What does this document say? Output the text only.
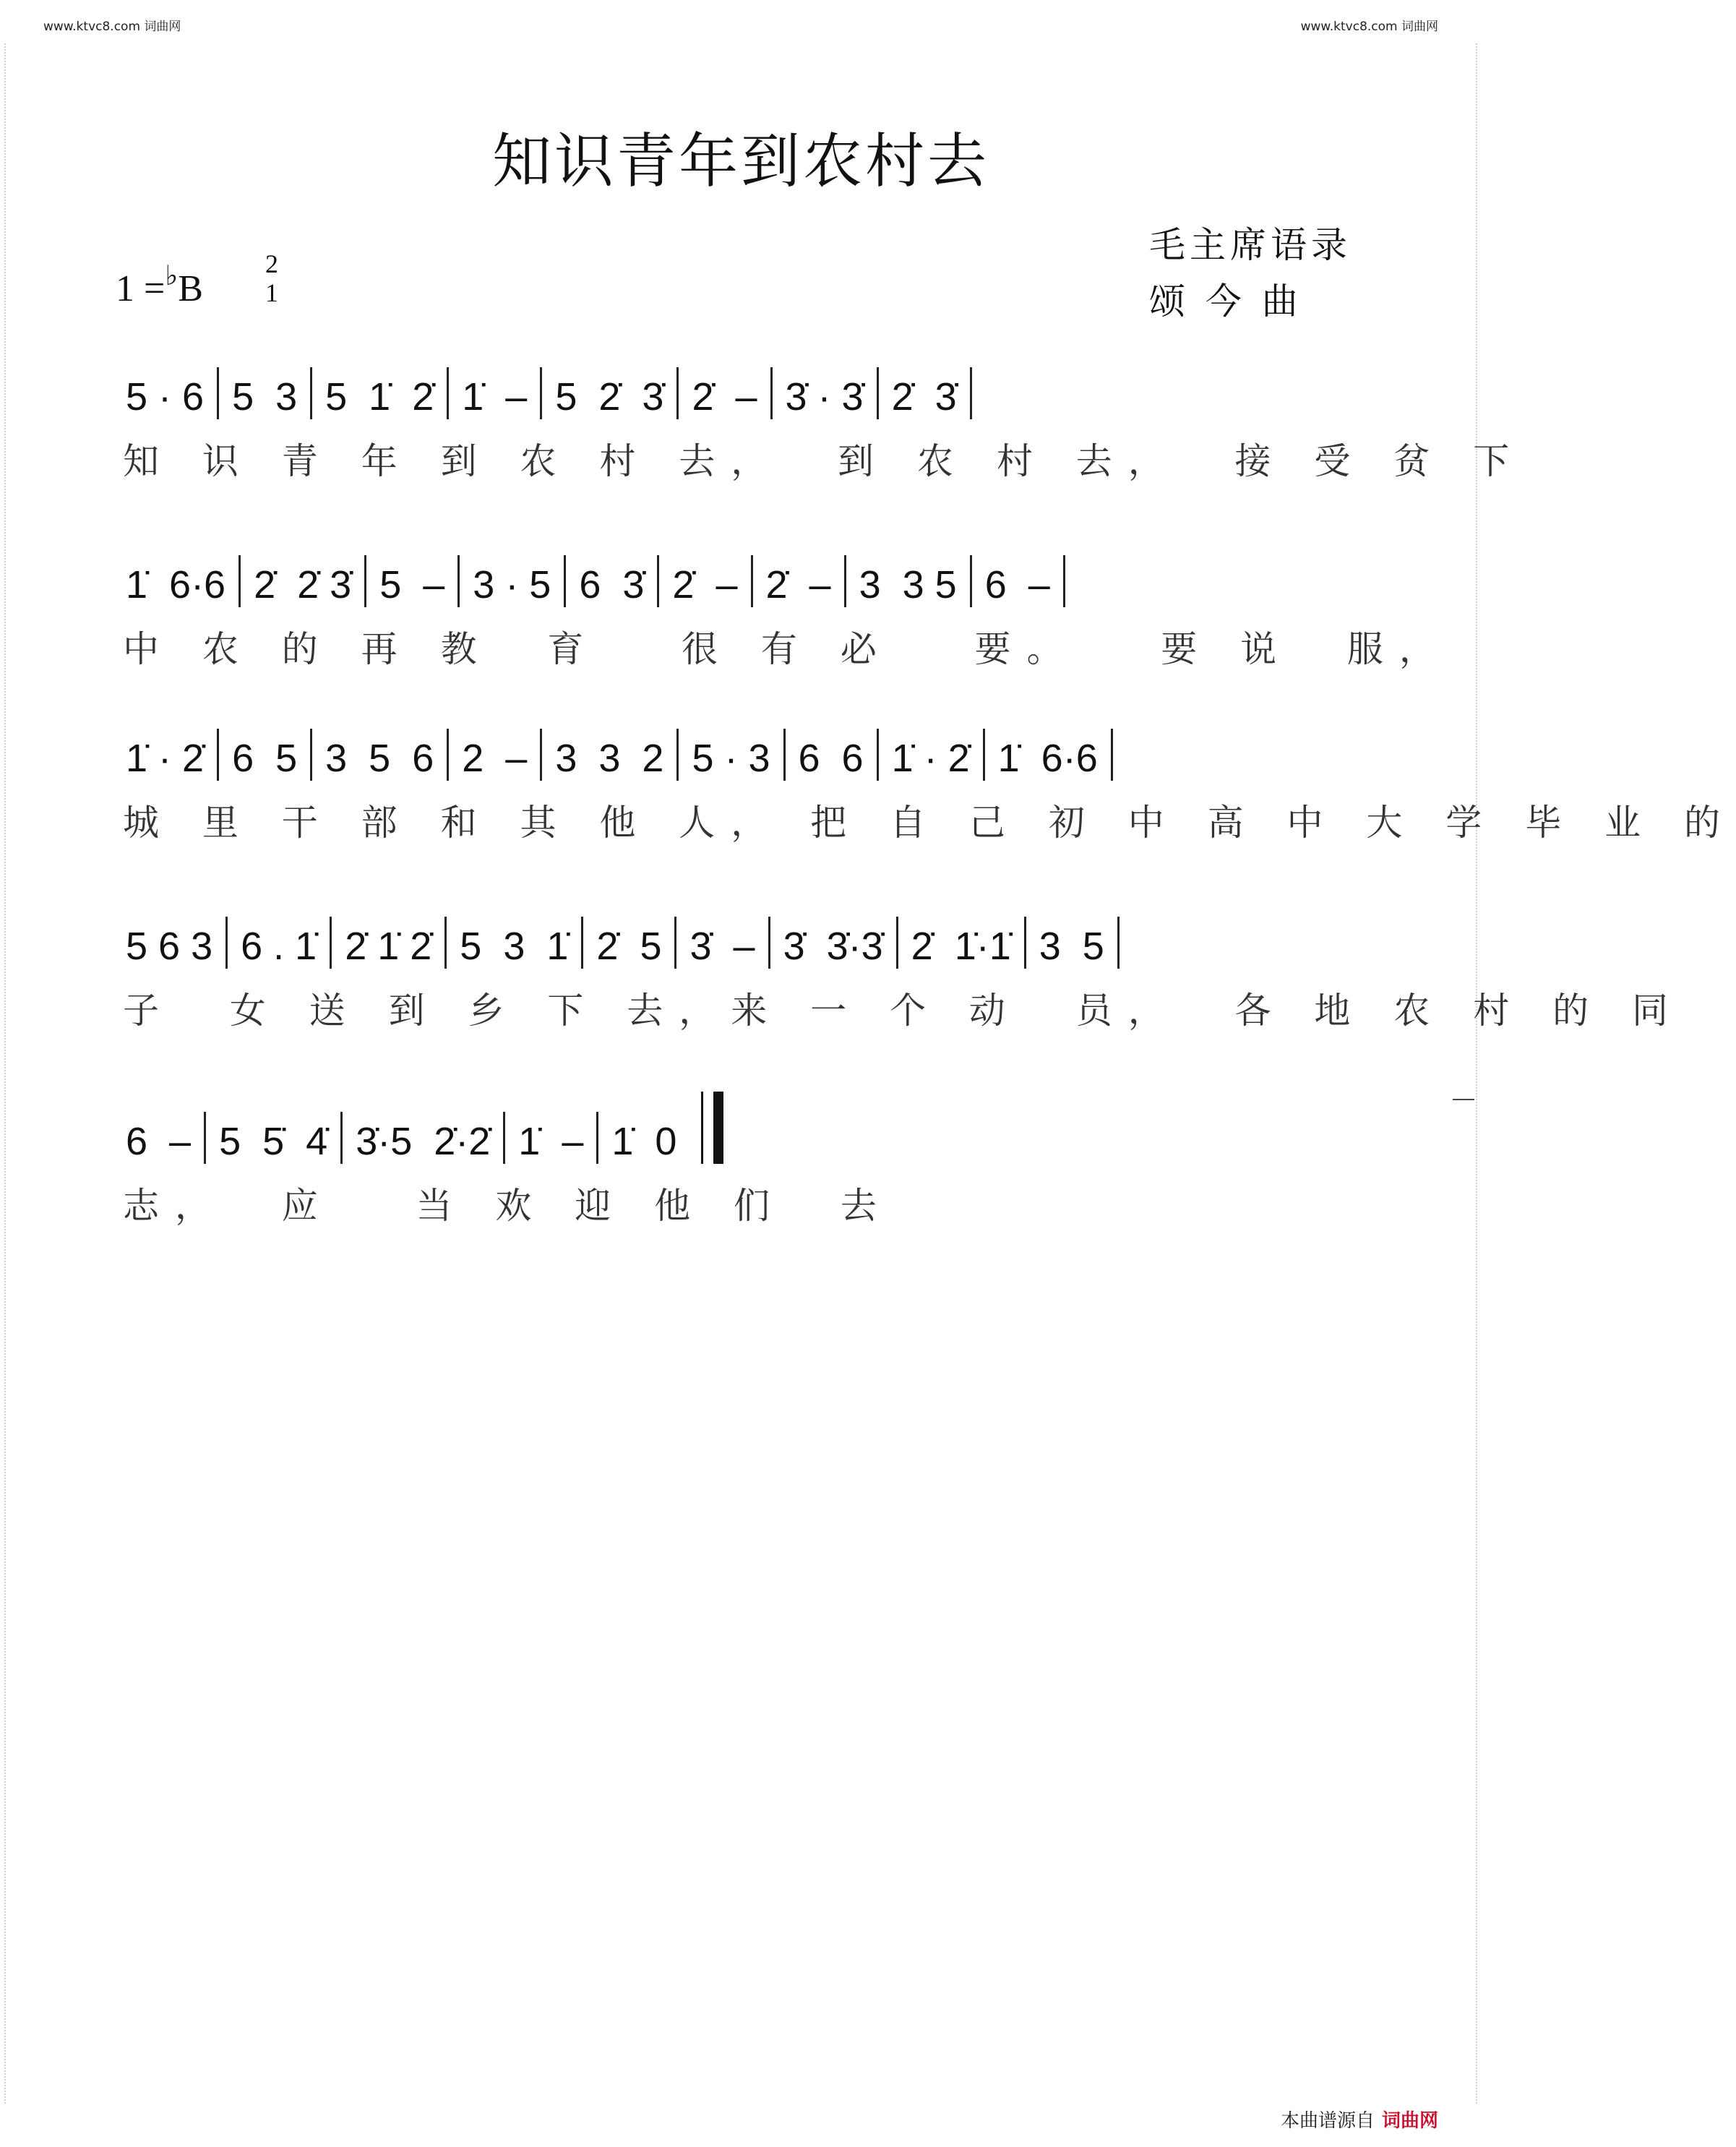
www.ktvc8.com 词曲网	www.ktvc8.com 词曲网
知识青年到农村去
毛主席语录
颂 今 曲
1 =♭B
2
1
5 · 6 5  3 5  1̇  2̇ 1̇  – 5  2̇  3̇ 2̇  – 3̇ · 3̇ 2̇  3̇
知 识 青 年 到 农 村 去，  到 农 村 去，  接 受 贫 下
1̇  6·6 2̇  2̇ 3̇ 5  – 3 · 5 6  3̇ 2̇  – 2̇  – 3  3 5 6  –
中 农 的 再 教  育   很 有 必   要。   要 说  服，
1̇ · 2̇ 6  5 3  5  6 2  – 3  3  2 5 · 3 6  6 1̇ · 2̇ 1̇  6·6
城 里 干 部 和 其 他 人， 把 自 己 初 中 高 中 大 学 毕 业 的
5 6 3 6 . 1̇ 2̇ 1̇ 2̇ 5  3  1̇ 2̇  5 3̇  – 3̇  3̇·3̇ 2̇  1̇·1̇ 3  5
子  女 送 到 乡 下 去，来 一 个 动  员，  各 地 农 村 的 同
6  – 5  5̇  4̇ 3̇·5  2̇·2̇ 1̇  – 1̇  0
志，  应   当 欢 迎 他 们  去
本曲谱源自 词曲网
